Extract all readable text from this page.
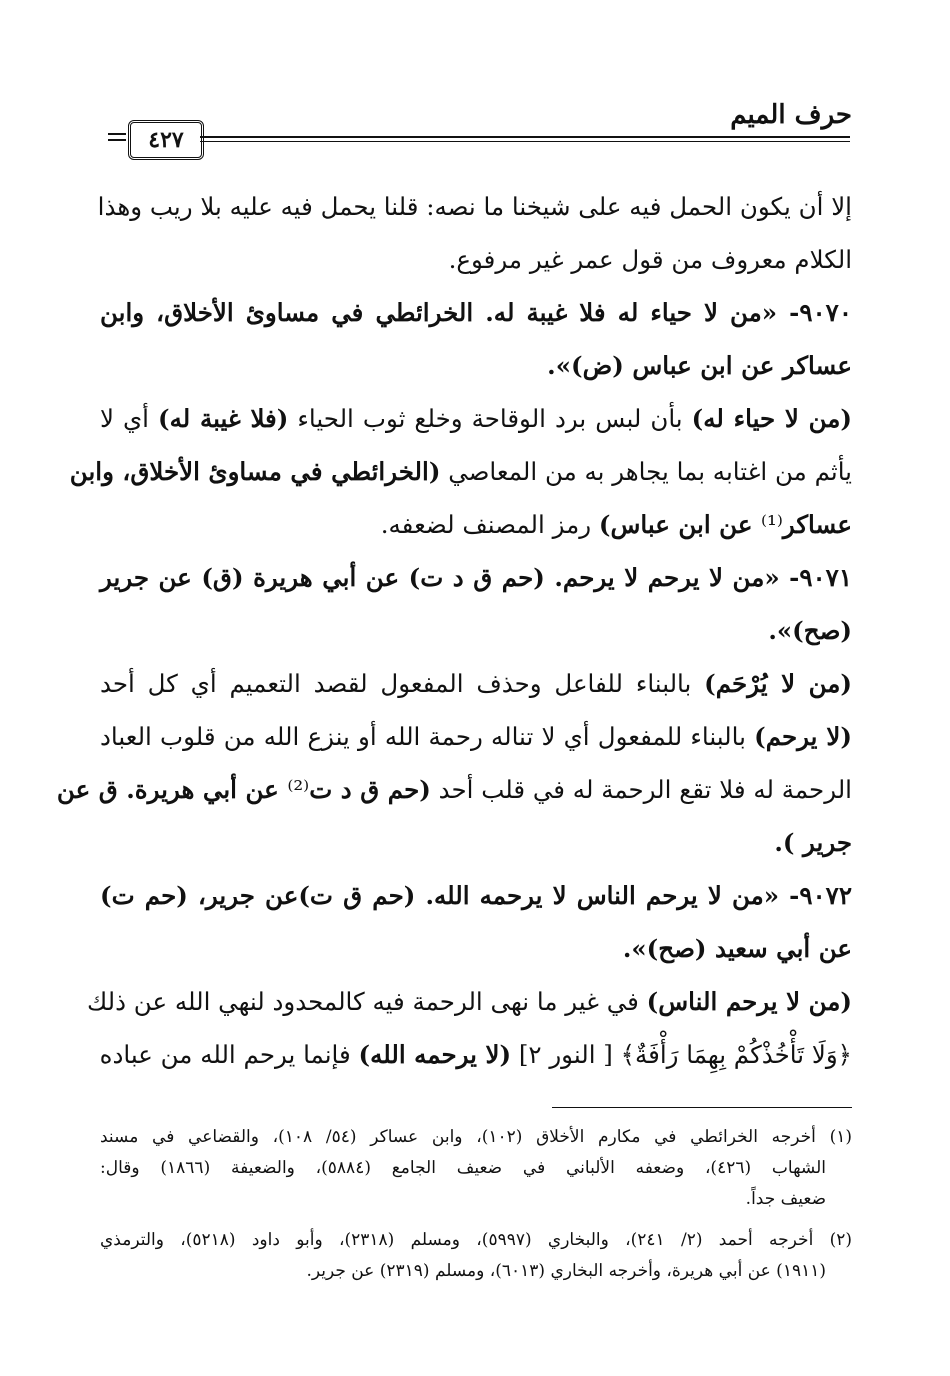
حرف الميم
٤٢٧
إلا أن يكون الحمل فيه على شيخنا ما نصه: قلنا يحمل فيه عليه بلا ريب وهذا
الكلام معروف من قول عمر غير مرفوع.
٩٠٧٠- «من لا حياء له فلا غيبة له. الخرائطي في مساوئ الأخلاق، وابن
عساكر عن ابن عباس (ض)».
(من لا حياء له) بأن لبس برد الوقاحة وخلع ثوب الحياء (فلا غيبة له) أي لا
يأثم من اغتابه بما يجاهر به من المعاصي (الخرائطي في مساوئ الأخلاق، وابن
عساكر⁽¹⁾ عن ابن عباس) رمز المصنف لضعفه.
٩٠٧١- «من لا يرحم لا يرحم. (حم ق د ت) عن أبي هريرة (ق) عن جرير
(صح)».
(من لا يُرْحَم) بالبناء للفاعل وحذف المفعول لقصد التعميم أي كل أحد
(لا يرحم) بالبناء للمفعول أي لا تناله رحمة الله أو ينزع الله من قلوب العباد
الرحمة له فلا تقع الرحمة له في قلب أحد (حم ق د ت⁽²⁾ عن أبي هريرة. ق عن
جرير ).
٩٠٧٢- «من لا يرحم الناس لا يرحمه الله. (حم ق ت)عن جرير، (حم ت)
عن أبي سعيد (صح)».
(من لا يرحم الناس) في غير ما نهى الرحمة فيه كالمحدود لنهي الله عن ذلك
﴿وَلَا تَأْخُذْكُمْ بِهِمَا رَأْفَةٌ﴾ [ النور ٢] (لا يرحمه الله) فإنما يرحم الله من عباده
(١) أخرجه الخرائطي في مكارم الأخلاق (١٠٢)، وابن عساكر (٥٤/ ١٠٨)، والقضاعي في مسند
الشهاب (٤٢٦)، وضعفه الألباني في ضعيف الجامع (٥٨٨٤)، والضعيفة (١٨٦٦) وقال:
ضعيف جداً.
(٢) أخرجه أحمد (٢/ ٢٤١)، والبخاري (٥٩٩٧)، ومسلم (٢٣١٨)، وأبو داود (٥٢١٨)، والترمذي
(١٩١١) عن أبي هريرة، وأخرجه البخاري (٦٠١٣)، ومسلم (٢٣١٩) عن جرير.
